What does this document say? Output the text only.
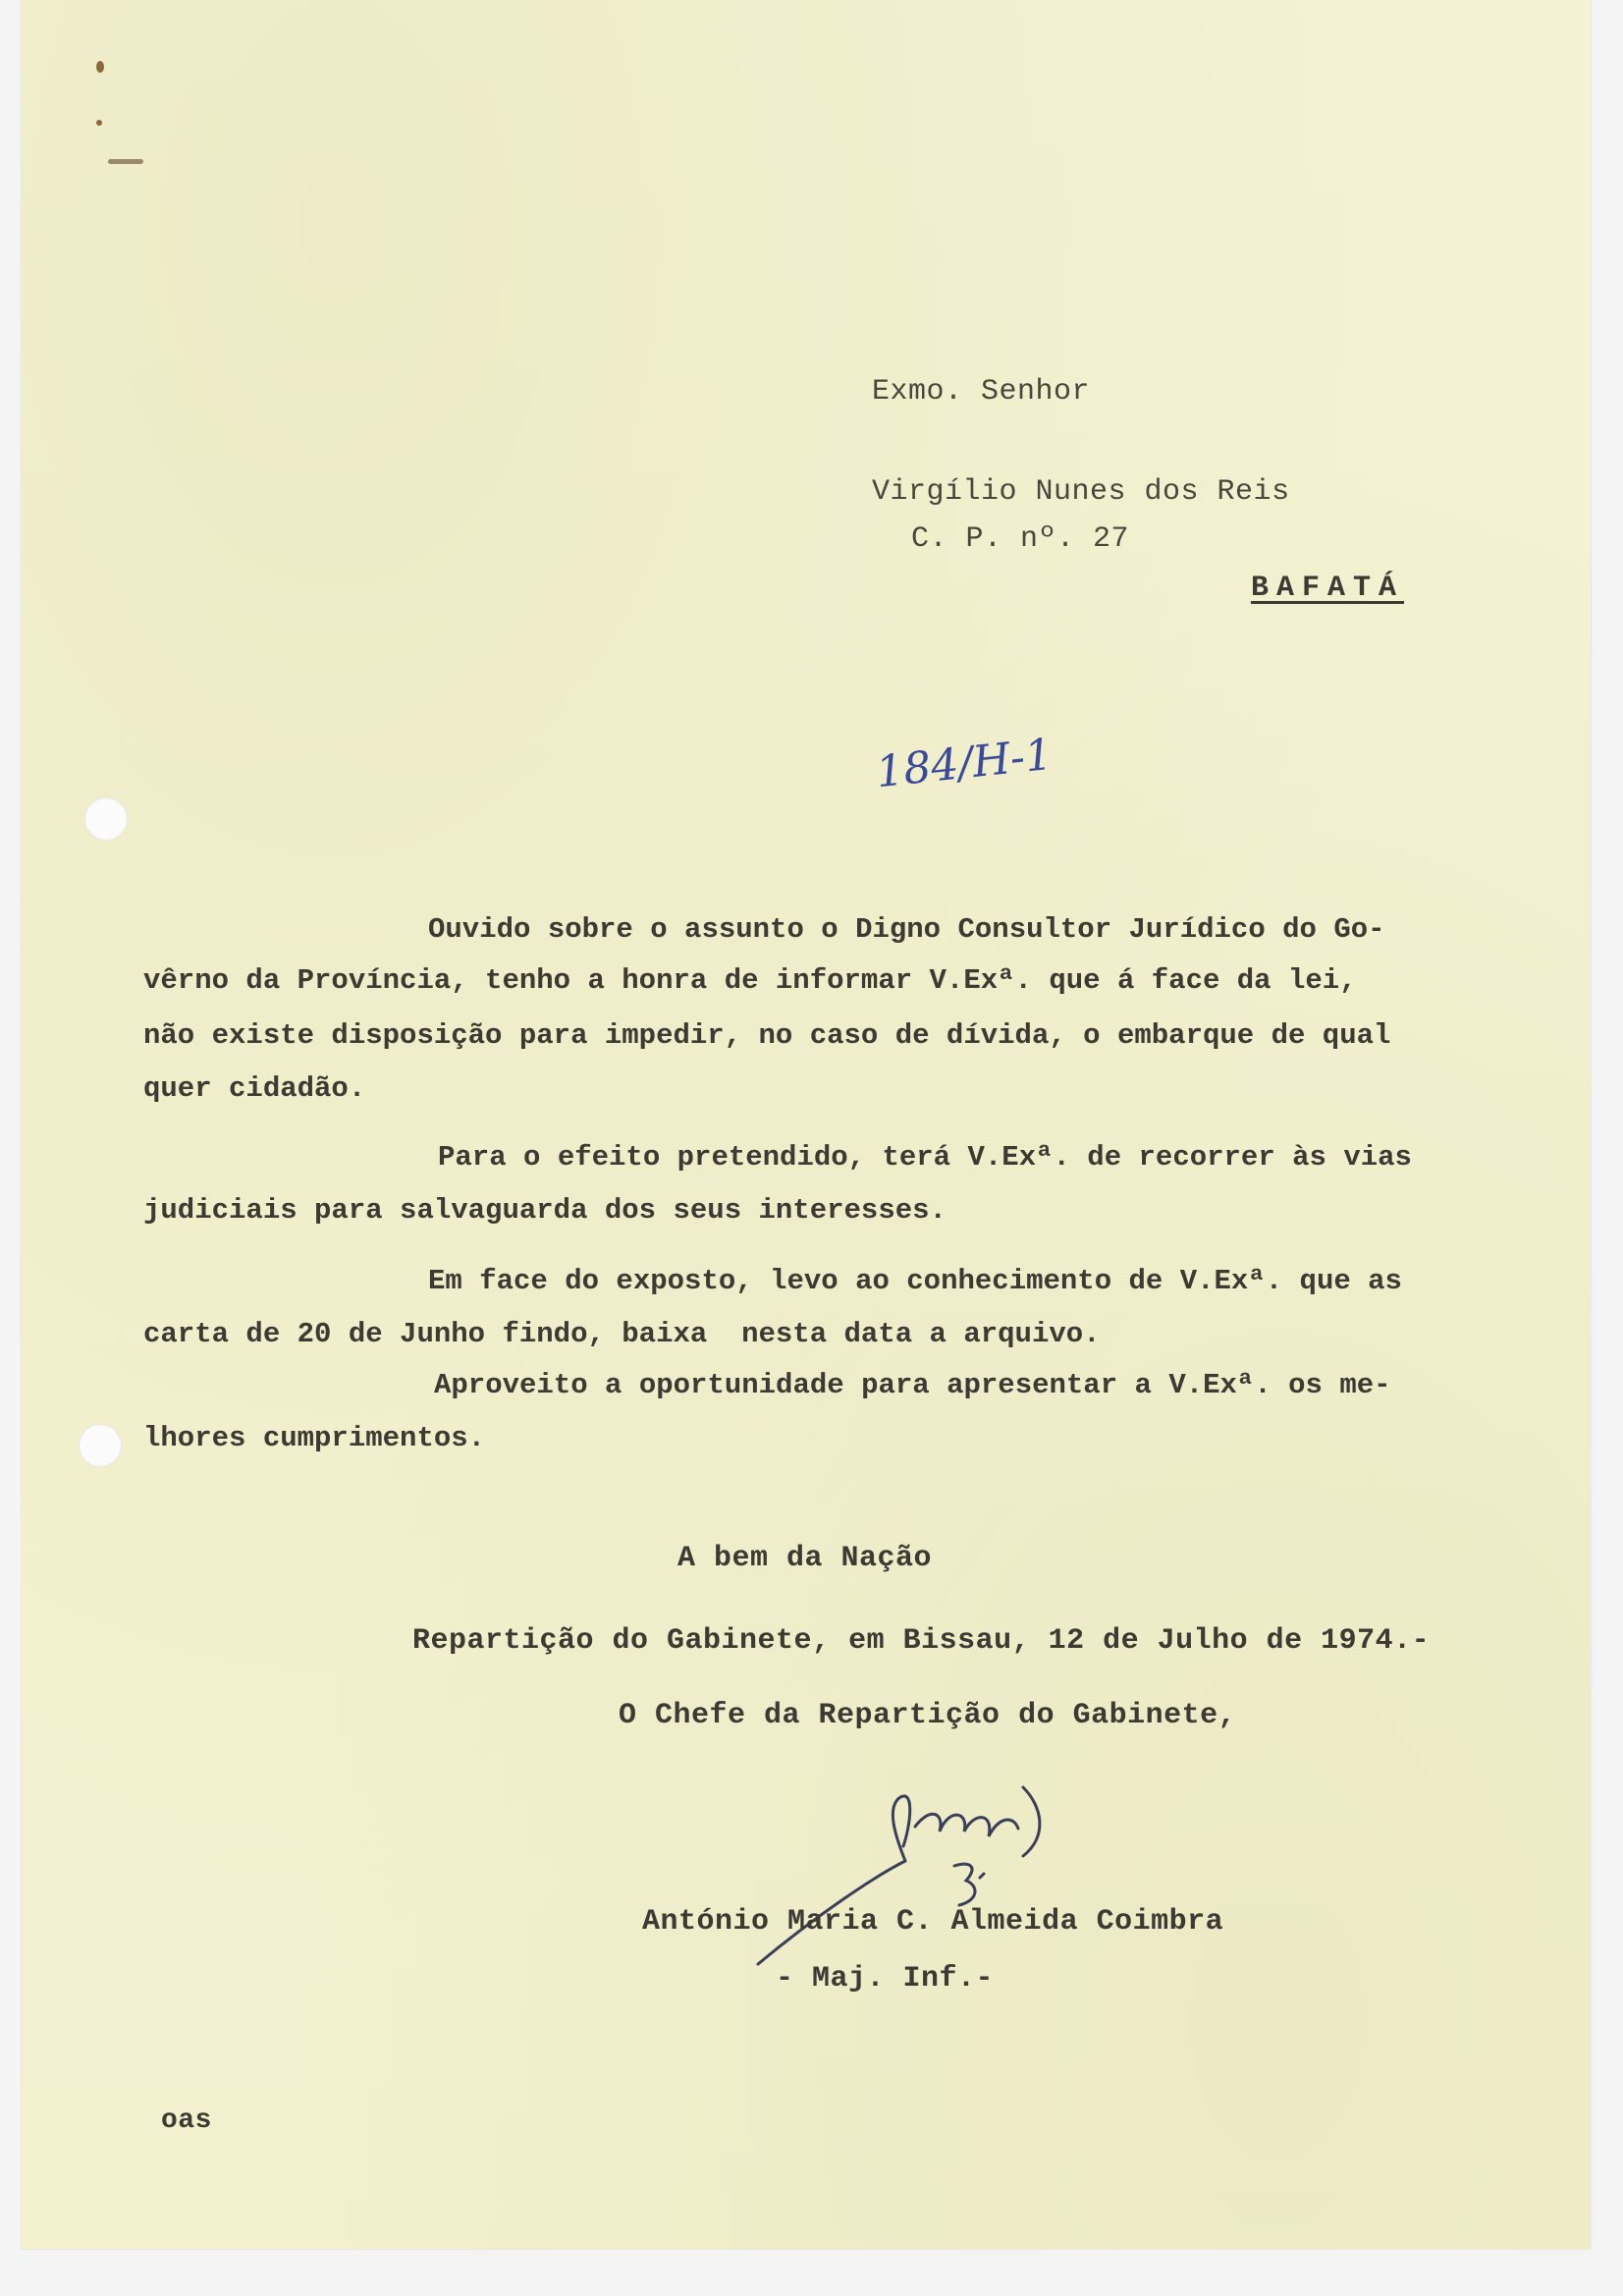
Exmo. Senhor
Virgílio Nunes dos Reis
C. P. nº. 27
BAFATÁ
184/H-1
Ouvido sobre o assunto o Digno Consultor Jurídico do Go-
vêrno da Província, tenho a honra de informar V.Exª. que á face da lei,
não existe disposição para impedir, no caso de dívida, o embarque de qual
quer cidadão.
Para o efeito pretendido, terá V.Exª. de recorrer às vias
judiciais para salvaguarda dos seus interesses.
Em face do exposto, levo ao conhecimento de V.Exª. que as
carta de 20 de Junho findo, baixa  nesta data a arquivo.
Aproveito a oportunidade para apresentar a V.Exª. os me-
lhores cumprimentos.
A bem da Nação
Repartição do Gabinete, em Bissau, 12 de Julho de 1974.-
O Chefe da Repartição do Gabinete,
António Maria C. Almeida Coimbra
- Maj. Inf.-
oas
